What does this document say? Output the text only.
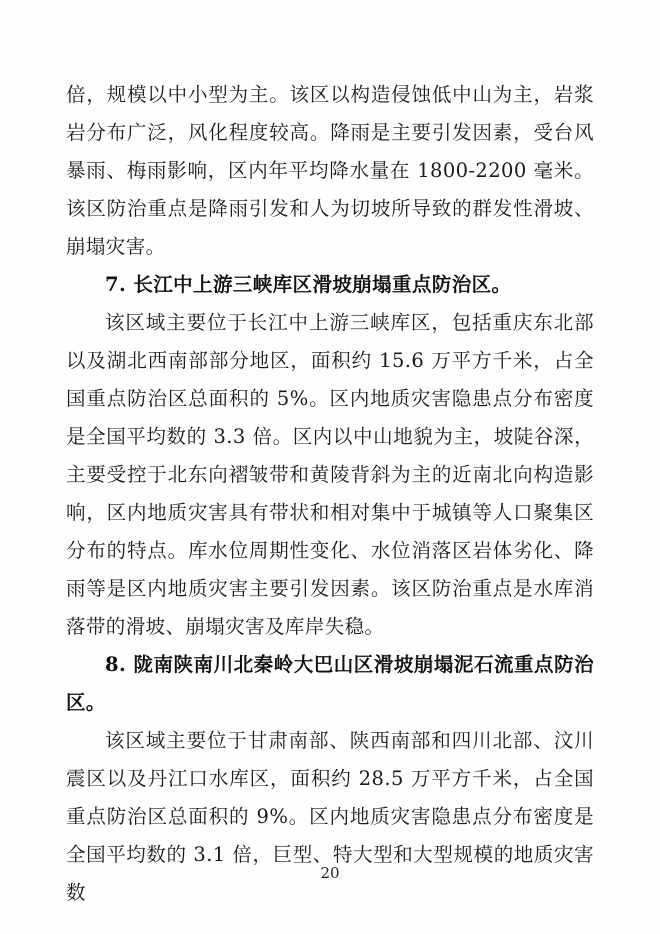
倍，规模以中小型为主。该区以构造侵蚀低中山为主，岩浆岩分布广泛，风化程度较高。降雨是主要引发因素，受台风暴雨、梅雨影响，区内年平均降水量在 1800-2200 毫米。该区防治重点是降雨引发和人为切坡所导致的群发性滑坡、崩塌灾害。

7. 长江中上游三峡库区滑坡崩塌重点防治区。

该区域主要位于长江中上游三峡库区，包括重庆东北部以及湖北西南部部分地区，面积约 15.6 万平方千米，占全国重点防治区总面积的 5%。区内地质灾害隐患点分布密度是全国平均数的 3.3 倍。区内以中山地貌为主，坡陡谷深，主要受控于北东向褶皱带和黄陵背斜为主的近南北向构造影响，区内地质灾害具有带状和相对集中于城镇等人口聚集区分布的特点。库水位周期性变化、水位消落区岩体劣化、降雨等是区内地质灾害主要引发因素。该区防治重点是水库消落带的滑坡、崩塌灾害及库岸失稳。

8. 陇南陕南川北秦岭大巴山区滑坡崩塌泥石流重点防治区。

该区域主要位于甘肃南部、陕西南部和四川北部、汶川震区以及丹江口水库区，面积约 28.5 万平方千米，占全国重点防治区总面积的 9%。区内地质灾害隐患点分布密度是全国平均数的 3.1 倍，巨型、特大型和大型规模的地质灾害数

20
